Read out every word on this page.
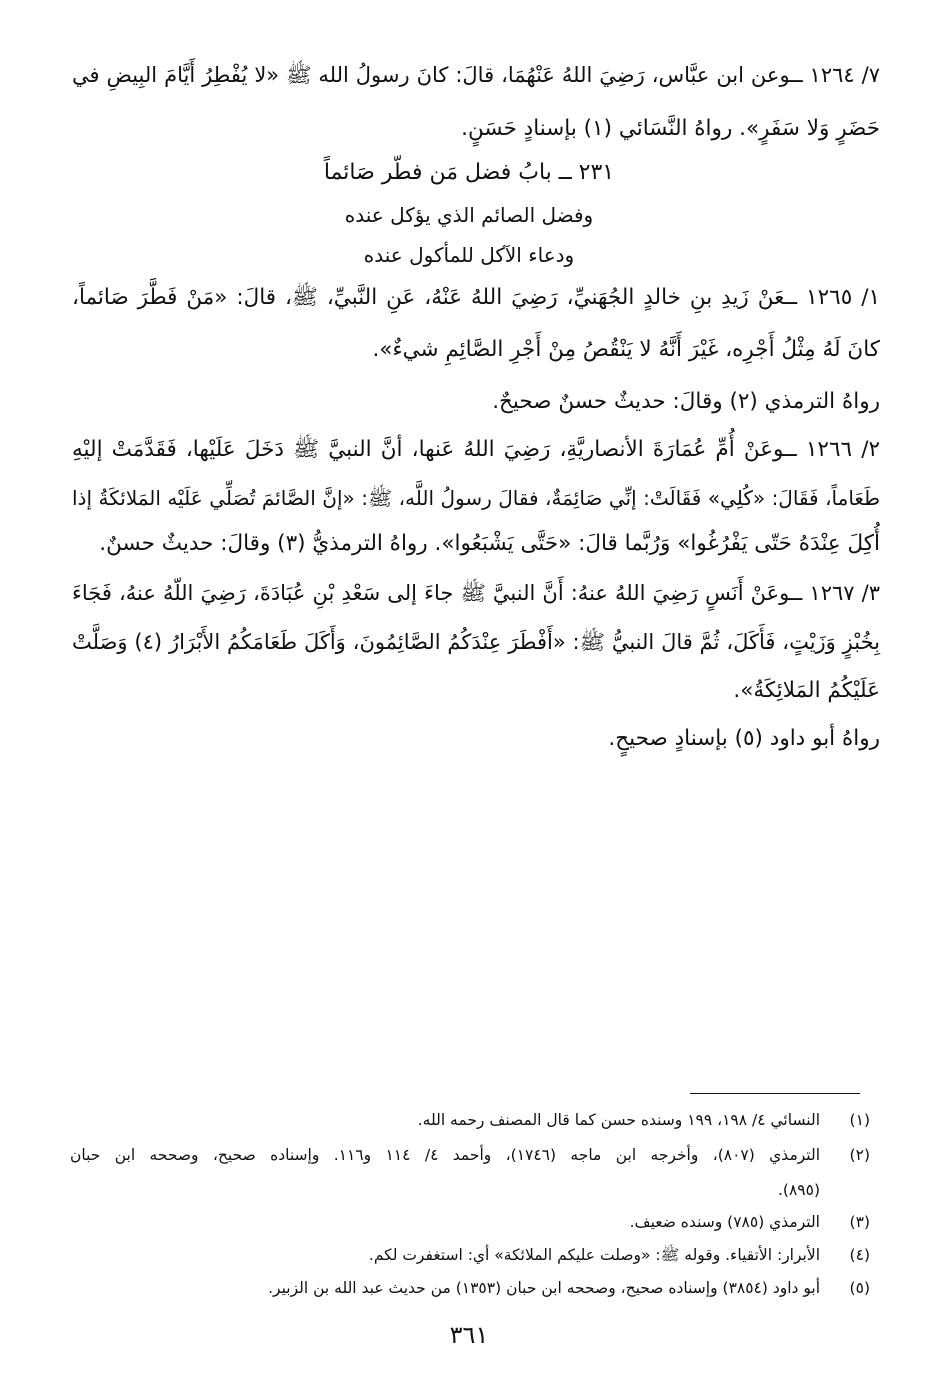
٧/ ١٢٦٤ ــوعن ابن عبَّاس، رَضِيَ اللهُ عَنْهُمَا، قالَ: كانَ رسولُ الله ﷺ «لا يُفْطِرُ أَيَّامَ البِيضِ في
حَضَرٍ وَلا سَفَرٍ». رواهُ النَّسَائي (١) بإسنادٍ حَسَنٍ.
٢٣١ ــ بابُ فضل مَن فطّر صَائماً
وفضل الصائم الذي يؤكل عنده
ودعاء الآكل للمأكول عنده
١/ ١٢٦٥ ــعَنْ زَيدِ بنِ خالدٍ الجُهَنيِّ، رَضِيَ اللهُ عَنْهُ، عَنِ النَّبيِّ، ﷺ، قالَ: «مَنْ فَطَّرَ صَائماً،
كانَ لَهُ مِثْلُ أَجْرِه، غَيْرَ أَنَّهُ لا يَنْقُصُ مِنْ أَجْرِ الصَّائِمِ شيءٌ».
رواهُ الترمذي (٢) وقالَ: حديثٌ حسنٌ صحيحٌ.
٢/ ١٢٦٦ ــوعَنْ أُمِّ عُمَارَةَ الأنصاريَّةِ، رَضِيَ اللهُ عَنها، أنَّ النبيَّ ﷺ دَخَلَ عَلَيْها، فَقَدَّمَتْ إليْهِ
طَعَاماً، فَقَالَ: «كُلِي» فَقَالَتْ: إنِّي صَائِمَةٌ، فقالَ رسولُ اللَّه، ﷺ: «إنَّ الصَّائمَ تُصَلِّي عَلَيْه المَلائكَةُ إذا
أُكِلَ عِنْدَهُ حَتّى يَفْرُغُوا» وَرُبَّما قالَ: «حَتَّى يَشْبَعُوا». رواهُ الترمذيُّ (٣) وقالَ: حديثٌ حسنٌ.
٣/ ١٢٦٧ ــوعَنْ أَنَسٍ رَضِيَ اللهُ عنهُ: أَنَّ النبيَّ ﷺ جاءَ إلى سَعْدِ بْنِ عُبَادَةَ، رَضِيَ اللّهُ عنهُ، فَجَاءَ
بِخُبْزٍ وَزَيْتٍ، فَأَكَلَ، ثُمَّ قالَ النبيُّ ﷺ: «أَفْطَرَ عِنْدَكُمُ الصَّائِمُونَ، وَأَكَلَ طَعَامَكُمُ الأَبْرَارُ (٤) وَصَلَّتْ
عَلَيْكُمُ المَلائِكَةُ».
رواهُ أبو داود (٥) بإسنادٍ صحيحٍ.
(١)
النسائي ٤/ ١٩٨، ١٩٩ وسنده حسن كما قال المصنف رحمه الله.
(٢)
الترمذي (٨٠٧)، وأخرجه ابن ماجه (١٧٤٦)، وأحمد ٤/ ١١٤ و١١٦. وإسناده صحيح، وصححه ابن حبان
(٨٩٥).
(٣)
الترمذي (٧٨٥) وسنده ضعيف.
(٤)
الأبرار: الأتقياء. وقوله ﷺ: «وصلت عليكم الملائكة» أي: استغفرت لكم.
(٥)
أبو داود (٣٨٥٤) وإسناده صحيح، وصححه ابن حبان (١٣٥٣) من حديث عبد الله بن الزبير.
٣٦١
